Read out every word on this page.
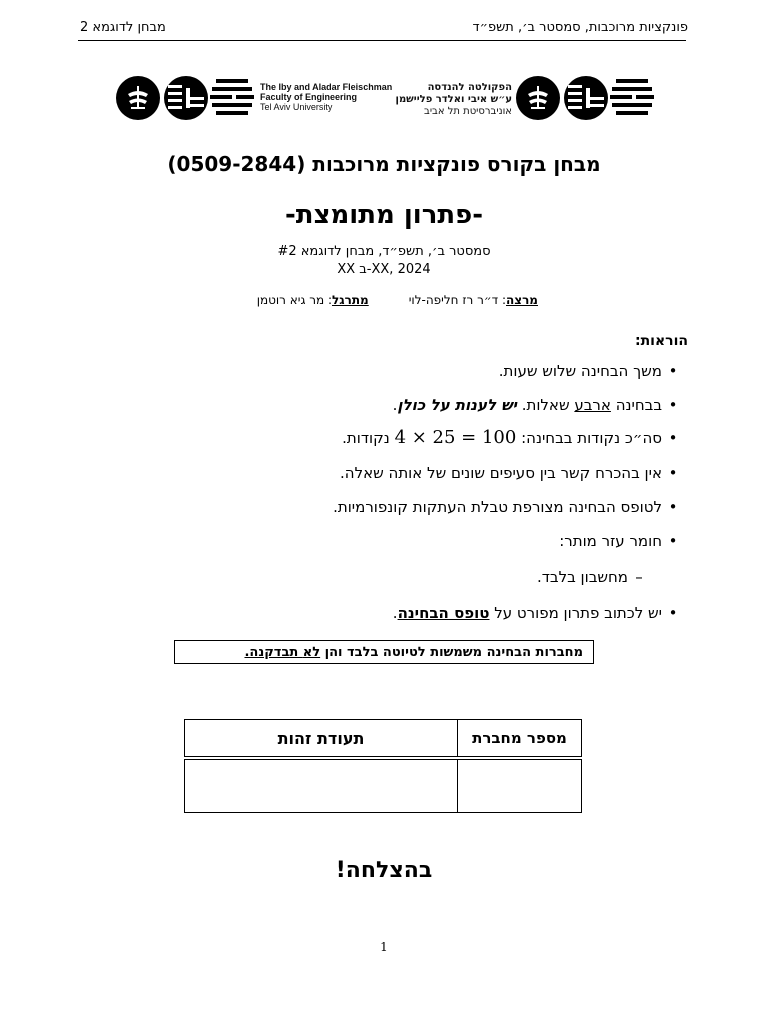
פונקציות מרוכבות, סמסטר ב׳, תשפ״ד
מבחן לדוגמא 2
The Iby and Aladar Fleischman
Faculty of Engineering
Tel Aviv University
הפקולטה להנדסה
ע״ש איבי ואלדר פליישמן
אוניברסיטת תל אביב
מבחן בקורס פונקציות מרוכבות (0509-2844)
-פתרון מתומצת-
סמסטר ב׳, תשפ״ד, מבחן לדוגמא #2
XX ב-XX, 2024
מרצה: ד״ר רז חליפה-לוימתרגל: מר גיא רוטמן
הוראות:
•משך הבחינה שלוש שעות.
•בבחינה ארבע שאלות. יש לענות על כולן.
•סה״כ נקודות בבחינה: 4 × 25 = 100 נקודות.
•אין בהכרח קשר בין סעיפים שונים של אותה שאלה.
•לטופס הבחינה מצורפת טבלת העתקות קונפורמיות.
•חומר עזר מותר:
–מחשבון בלבד.
•יש לכתוב פתרון מפורט על טופס הבחינה.
מחברות הבחינה משמשות לטיוטה בלבד והן לא תבדקנה.
תעודת זהות	מספר מחברת
בהצלחה!
1
